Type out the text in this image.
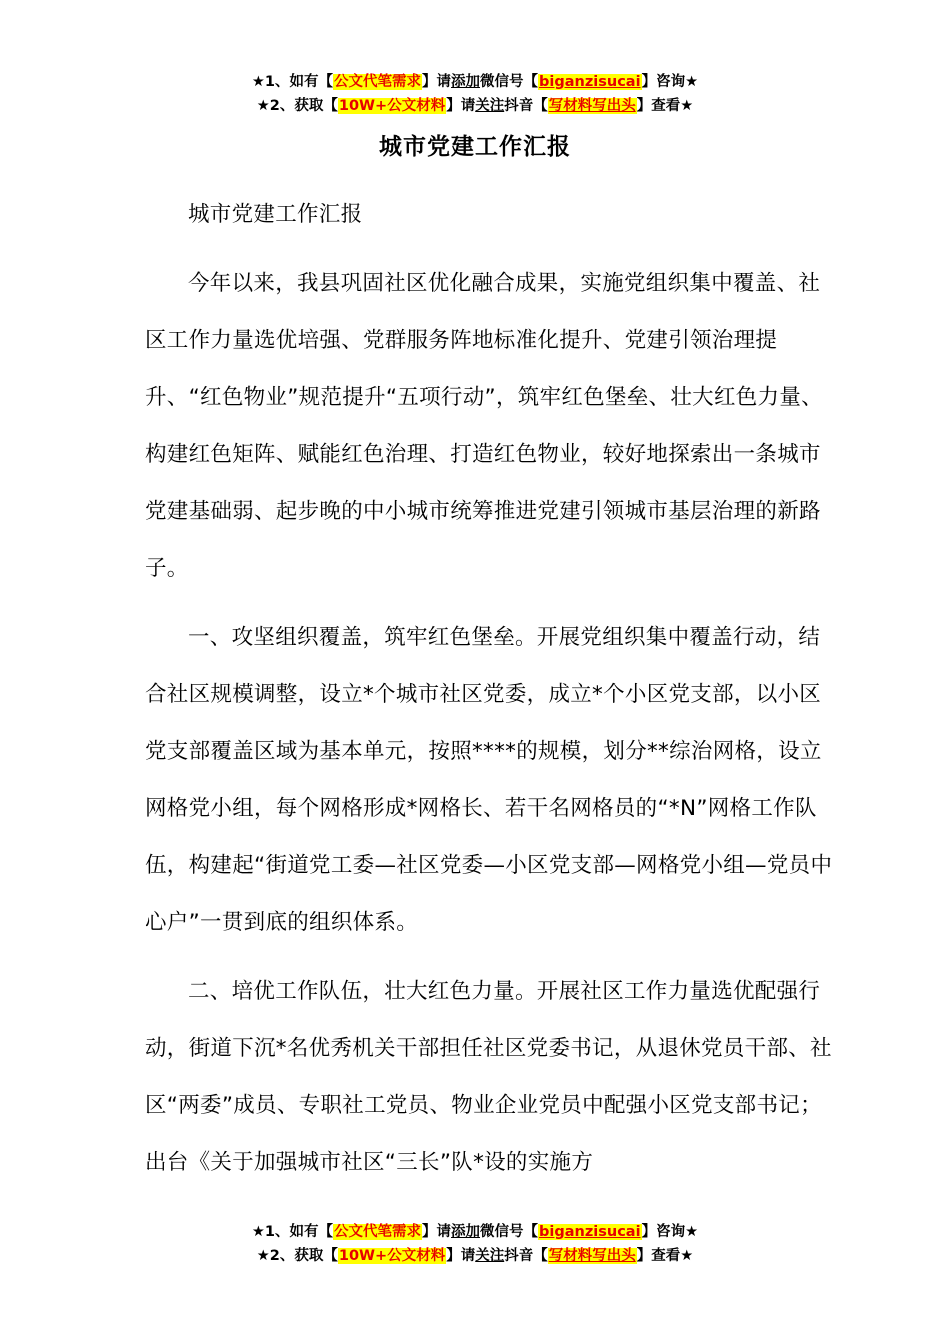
★1、如有【公文代笔需求】请添加微信号【biganzisucai】咨询★
★2、获取【10W+公文材料】请关注抖音【写材料写出头】查看★
城市党建工作汇报

城市党建工作汇报

今年以来，我县巩固社区优化融合成果，实施党组织集中覆盖、社区工作力量选优培强、党群服务阵地标准化提升、党建引领治理提升、“红色物业”规范提升“五项行动”，筑牢红色堡垒、壮大红色力量、构建红色矩阵、赋能红色治理、打造红色物业，较好地探索出一条城市党建基础弱、起步晚的中小城市统筹推进党建引领城市基层治理的新路子。

一、攻坚组织覆盖，筑牢红色堡垒。开展党组织集中覆盖行动，结合社区规模调整，设立*个城市社区党委，成立*个小区党支部，以小区党支部覆盖区域为基本单元，按照****的规模，划分**综治网格，设立网格党小组，每个网格形成*网格长、若干名网格员的“*N”网格工作队伍，构建起“街道党工委—社区党委—小区党支部—网格党小组—党员中心户”一贯到底的组织体系。

二、培优工作队伍，壮大红色力量。开展社区工作力量选优配强行动，街道下沉*名优秀机关干部担任社区党委书记，从退休党员干部、社区“两委”成员、专职社工党员、物业企业党员中配强小区党支部书记；出台《关于加强城市社区“三长”队*设的实施方

★1、如有【公文代笔需求】请添加微信号【biganzisucai】咨询★
★2、获取【10W+公文材料】请关注抖音【写材料写出头】查看★
